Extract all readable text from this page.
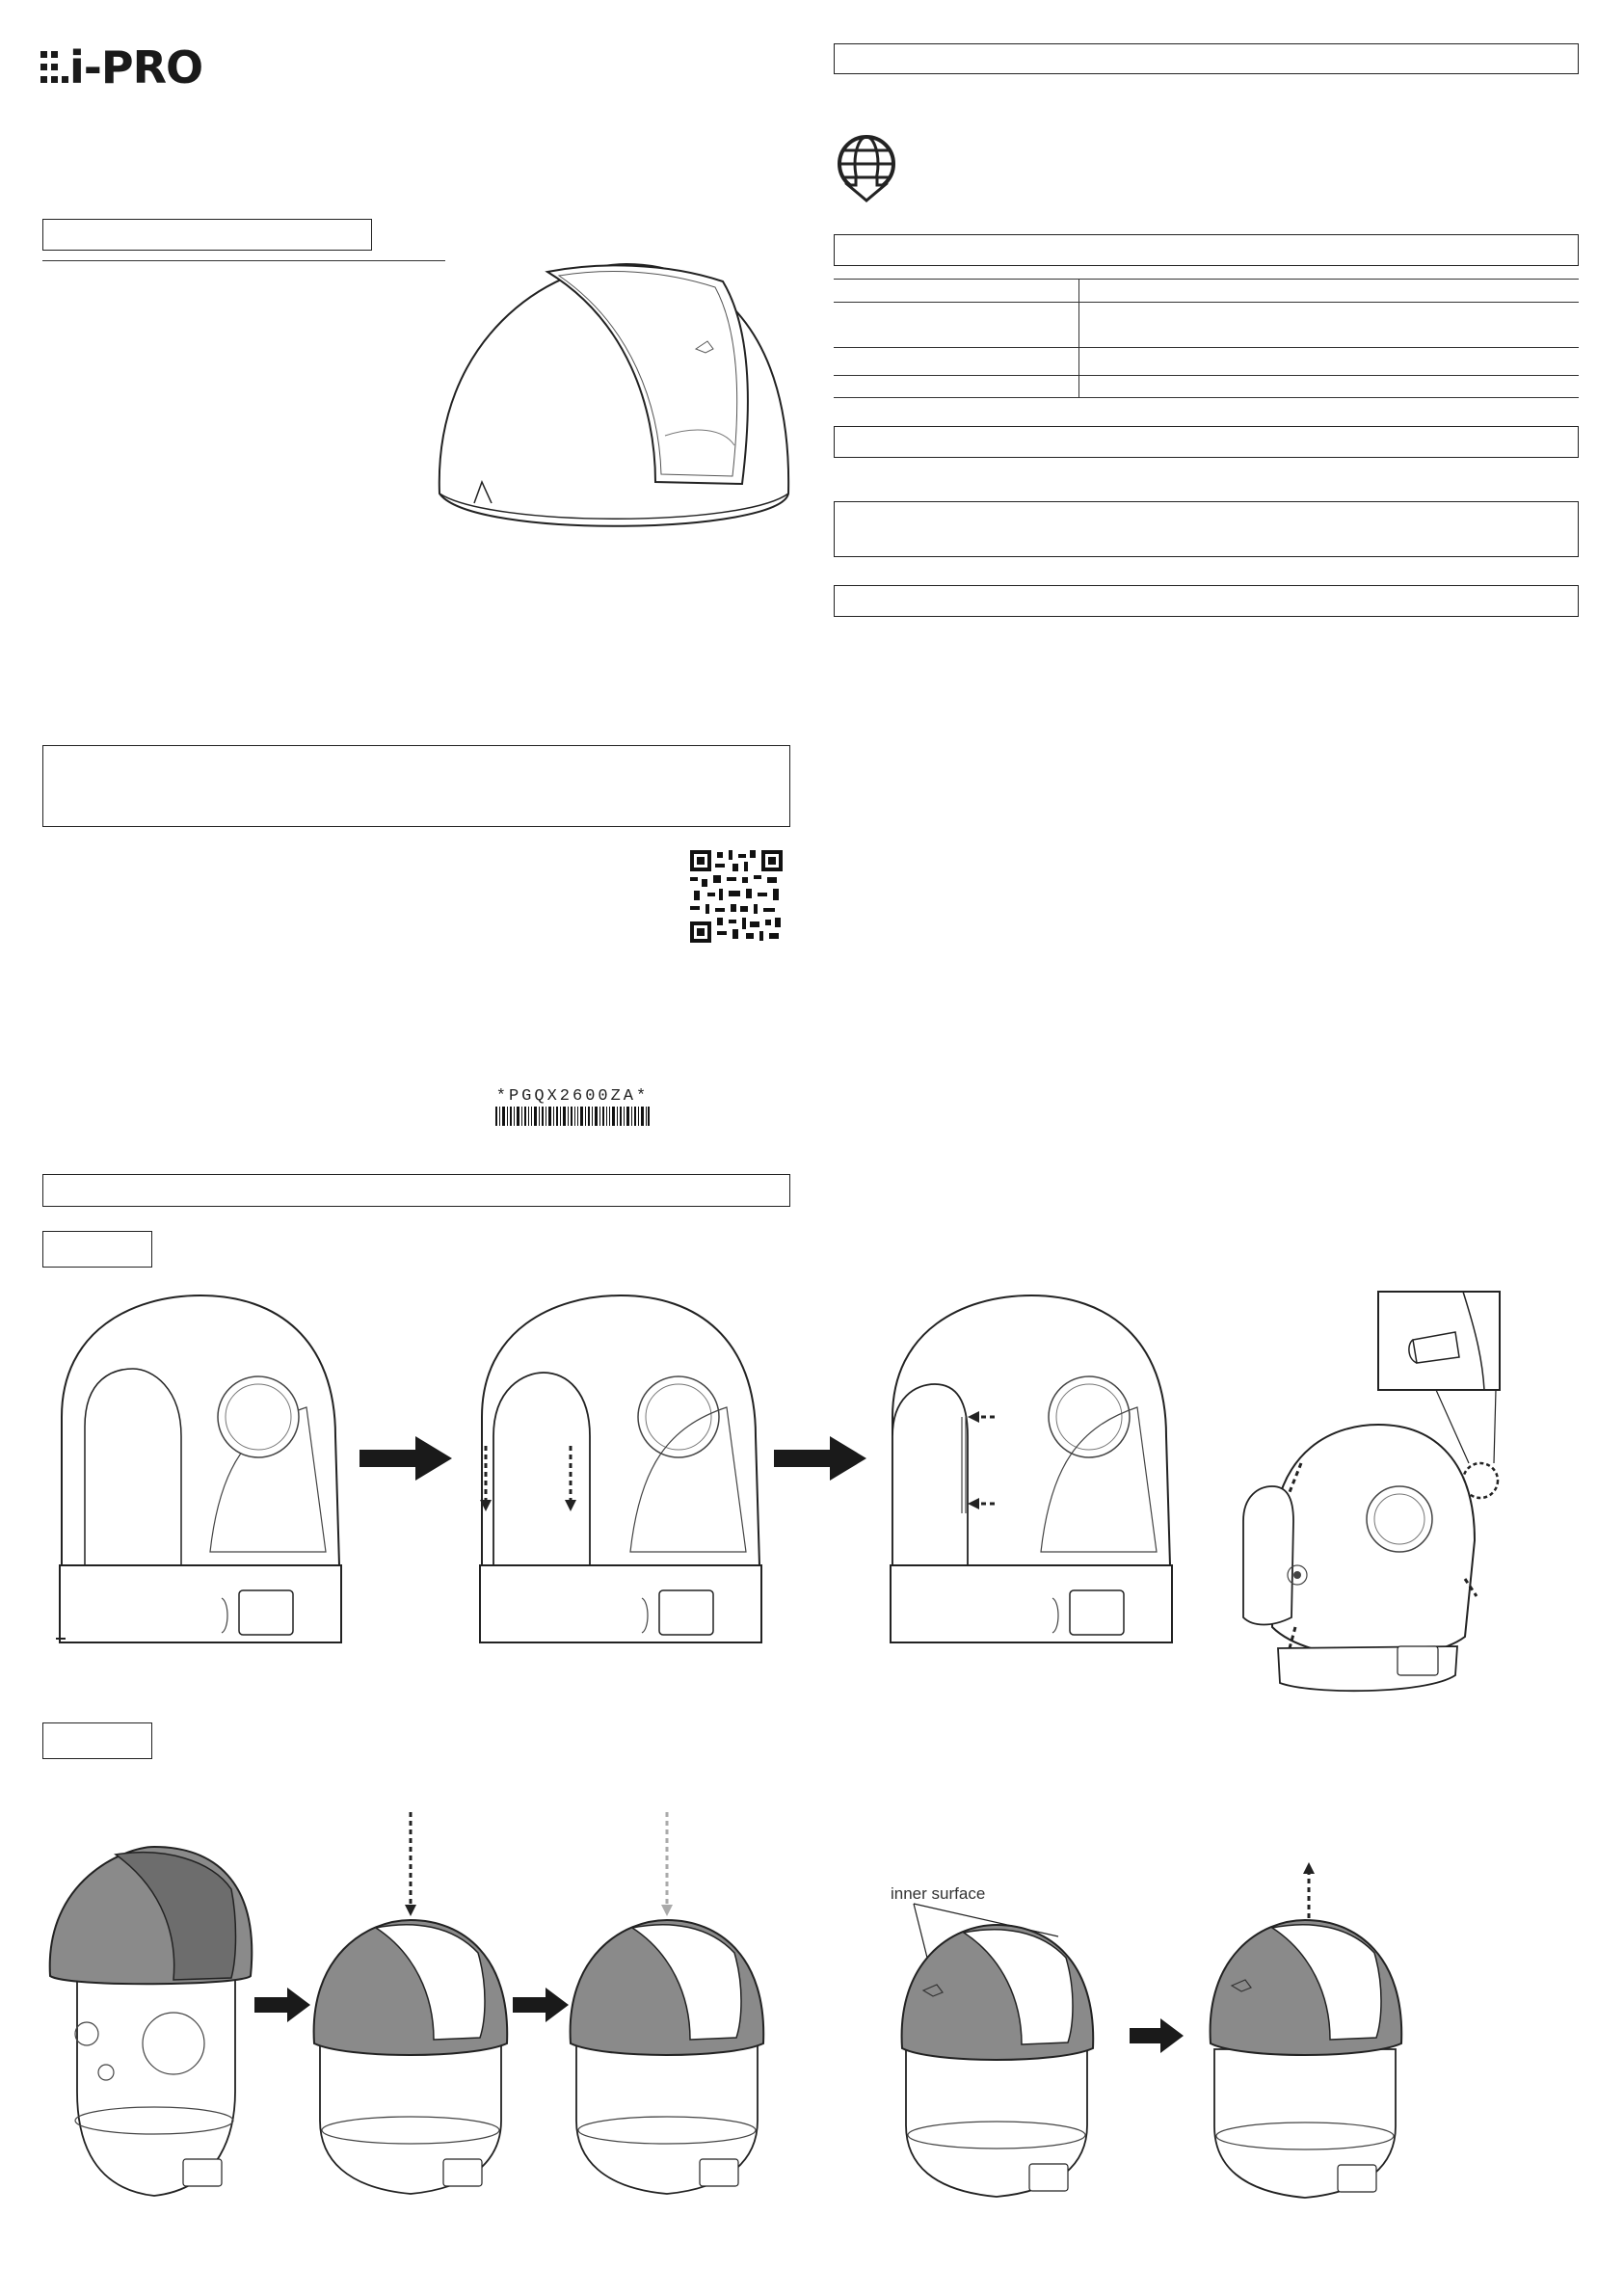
i-PRO
*PGQX2600ZA*
inner surface
